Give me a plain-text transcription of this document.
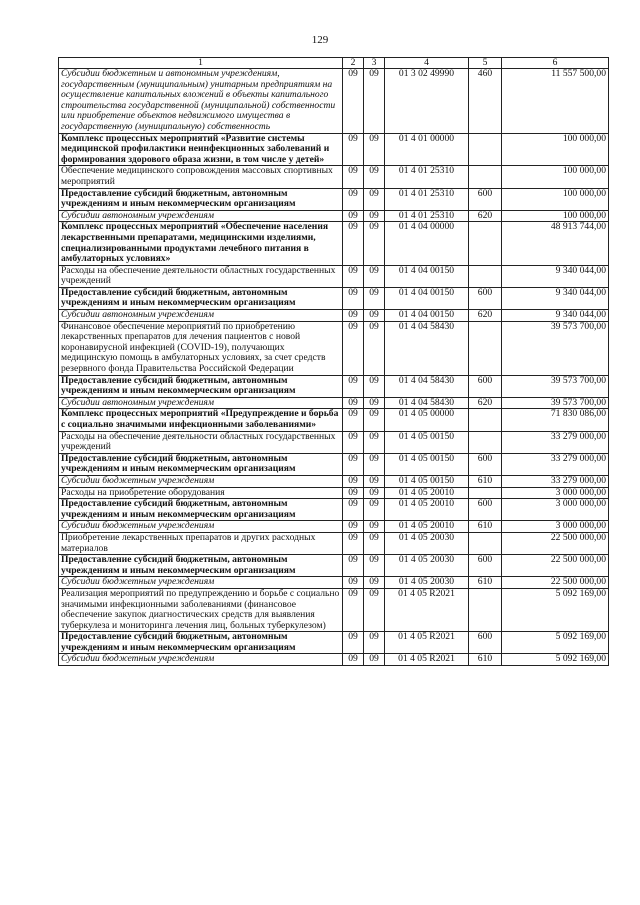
129
1	2	3	4	5	6
Субсидии бюджетным и автономным учреждениям, государственным (муниципальным) унитарным предприятиям на осуществление капитальных вложений в объекты капитального строительства государственной (муниципальной) собственности или приобретение объектов недвижимого имущества в государственную (муниципальную) собственность	09	09	01 3 02 49990	460	11 557 500,00
Комплекс процессных мероприятий «Развитие системы медицинской профилактики неинфекционных заболеваний и формирования здорового образа жизни, в том числе у детей»	09	09	01 4 01 00000		100 000,00
Обеспечение медицинского сопровождения массовых спортивных мероприятий	09	09	01 4 01 25310		100 000,00
Предоставление субсидий бюджетным, автономным учреждениям и иным некоммерческим организациям	09	09	01 4 01 25310	600	100 000,00
Субсидии автономным учреждениям	09	09	01 4 01 25310	620	100 000,00
Комплекс процессных мероприятий «Обеспечение населения лекарственными препаратами, медицинскими изделиями, специализированными продуктами лечебного питания в амбулаторных условиях»	09	09	01 4 04 00000		48 913 744,00
Расходы на обеспечение деятельности областных государственных учреждений	09	09	01 4 04 00150		9 340 044,00
Предоставление субсидий бюджетным, автономным учреждениям и иным некоммерческим организациям	09	09	01 4 04 00150	600	9 340 044,00
Субсидии автономным учреждениям	09	09	01 4 04 00150	620	9 340 044,00
Финансовое обеспечение мероприятий по приобретению лекарственных препаратов для лечения пациентов с новой коронавирусной инфекцией (COVID-19), получающих медицинскую помощь в амбулаторных условиях, за счет средств резервного фонда Правительства Российской Федерации	09	09	01 4 04 58430		39 573 700,00
Предоставление субсидий бюджетным, автономным учреждениям и иным некоммерческим организациям	09	09	01 4 04 58430	600	39 573 700,00
Субсидии автономным учреждениям	09	09	01 4 04 58430	620	39 573 700,00
Комплекс процессных мероприятий «Предупреждение и борьба с социально значимыми инфекционными заболеваниями»	09	09	01 4 05 00000		71 830 086,00
Расходы на обеспечение деятельности областных государственных учреждений	09	09	01 4 05 00150		33 279 000,00
Предоставление субсидий бюджетным, автономным учреждениям и иным некоммерческим организациям	09	09	01 4 05 00150	600	33 279 000,00
Субсидии бюджетным учреждениям	09	09	01 4 05 00150	610	33 279 000,00
Расходы на приобретение оборудования	09	09	01 4 05 20010		3 000 000,00
Предоставление субсидий бюджетным, автономным учреждениям и иным некоммерческим организациям	09	09	01 4 05 20010	600	3 000 000,00
Субсидии бюджетным учреждениям	09	09	01 4 05 20010	610	3 000 000,00
Приобретение лекарственных препаратов и других расходных материалов	09	09	01 4 05 20030		22 500 000,00
Предоставление субсидий бюджетным, автономным учреждениям и иным некоммерческим организациям	09	09	01 4 05 20030	600	22 500 000,00
Субсидии бюджетным учреждениям	09	09	01 4 05 20030	610	22 500 000,00
Реализация мероприятий по предупреждению и борьбе с социально значимыми инфекционными заболеваниями (финансовое обеспечение закупок диагностических средств для выявления туберкулеза и мониторинга лечения лиц, больных туберкулезом)	09	09	01 4 05 R2021		5 092 169,00
Предоставление субсидий бюджетным, автономным учреждениям и иным некоммерческим организациям	09	09	01 4 05 R2021	600	5 092 169,00
Субсидии бюджетным учреждениям	09	09	01 4 05 R2021	610	5 092 169,00
